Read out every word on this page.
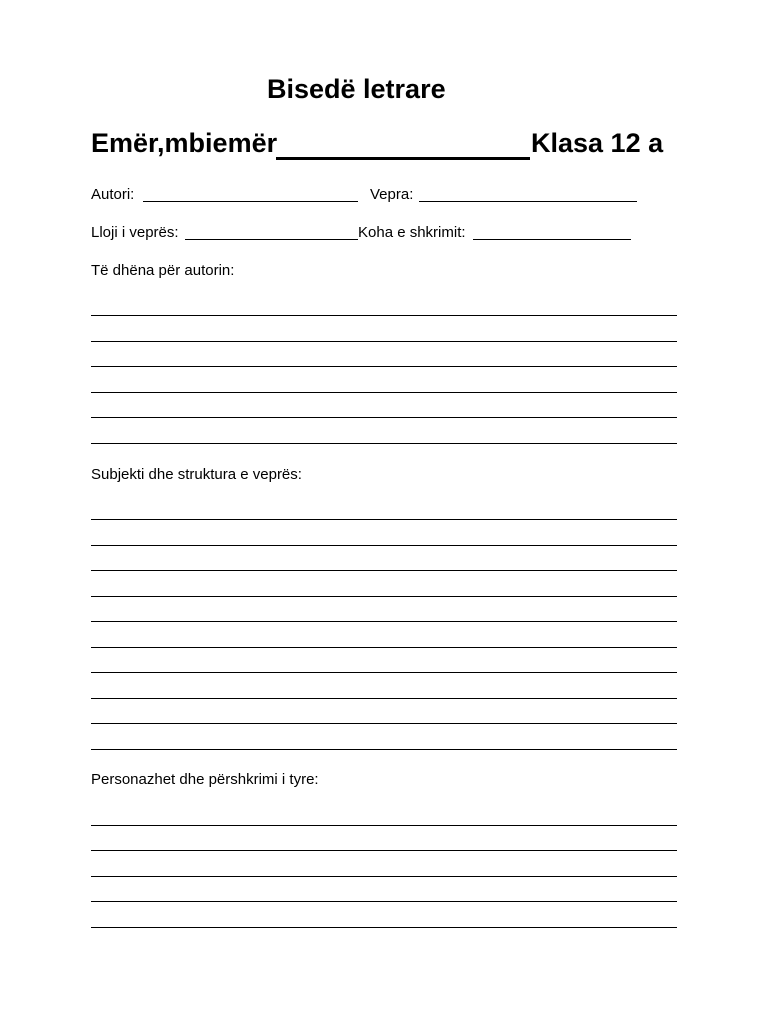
Bisedë letrare
Emër,mbiemër	Klasa 12 a
Autori:	Vepra:
Lloji i veprës:	Koha e shkrimit:
Të dhëna për autorin:
Subjekti dhe struktura e veprës:
Personazhet dhe përshkrimi i tyre:
